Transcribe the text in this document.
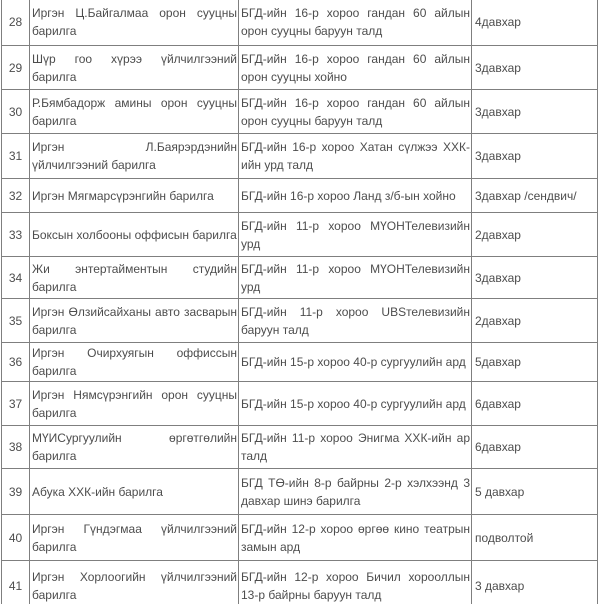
28	Иргэн Ц.Байгалмаа орон сууцны барилга	БГД-ийн 16-р хороо гандан 60 айлын орон сууцны баруун талд	4давхар
29	Шүр гоо хүрээ үйлчилгээний барилга	БГД-ийн 16-р хороо гандан 60 айлын орон сууцны хойно	3давхар
30	Р.Бямбадорж амины орон сууцны барилга	БГД-ийн 16-р хороо гандан 60 айлын орон сууцны баруун талд	3давхар
31	Иргэн Л.Баярэрдэнийн үйлчилгээний барилга	БГД-ийн 16-р хороо Хатан сүлжээ ХХК-ийн урд талд	3давхар
32	Иргэн Мягмарсүрэнгийн барилга	БГД-ийн 16-р хороо Ланд з/б-ын хойно	3давхар /сендвич/
33	Боксын холбооны оффисын барилга	БГД-ийн 11-р хороо МҮОНТелевизийн урд	2давхар
34	Жи энтертайментын студийн барилга	БГД-ийн 11-р хороо МҮОНТелевизийн урд	3давхар
35	Иргэн Өлзийсайханы авто засварын барилга	БГД-ийн 11-р хороо UBSтелевизийн баруун талд	2давхар
36	Иргэн Очирхуягын оффиссын барилга	БГД-ийн 15-р хороо 40-р сургуулийн ард	5давхар
37	Иргэн Нямсүрэнгийн орон сууцны барилга	БГД-ийн 15-р хороо 40-р сургуулийн ард	6давхар
38	МҮИСургуулийн өргөтгөлийн барилга	БГД-ийн 11-р хороо Энигма ХХК-ийн ар талд	6давхар
39	Абука ХХК-ийн барилга	БГД ТӨ-ийн 8-р байрны 2-р хэлхээнд 3 давхар шинэ барилга	5 давхар
40	Иргэн Гүндэгмаа үйлчилгээний барилга	БГД-ийн 12-р хороо өргөө кино театрын замын ард	подволтой
41	Иргэн Хорлоогийн үйлчилгээний барилга	БГД-ийн 12-р хороо Бичил хорооллын 13-р байрны баруун талд	3 давхар
